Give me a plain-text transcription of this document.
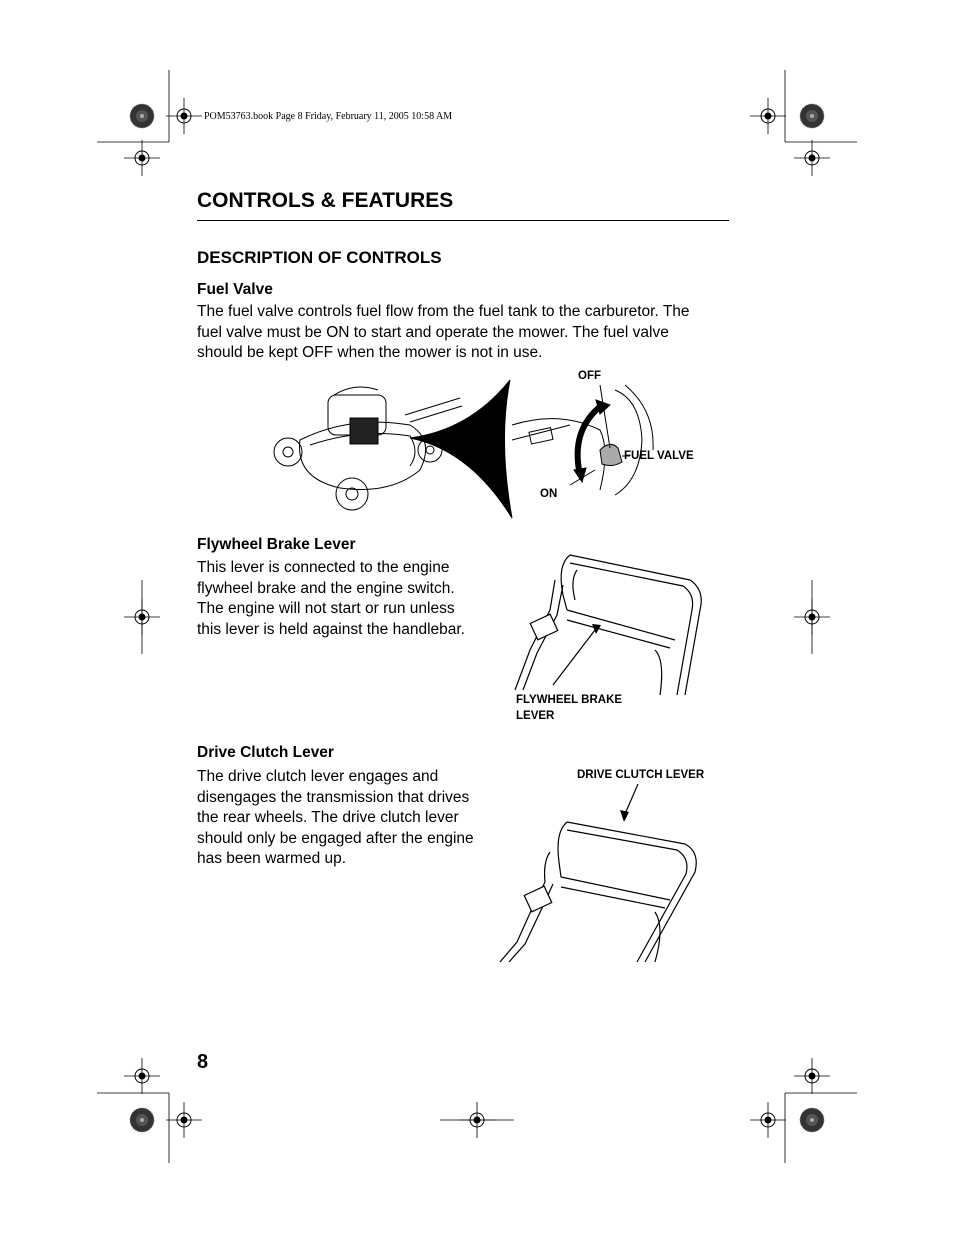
POM53763.book Page 8 Friday, February 11, 2005 10:58 AM
CONTROLS & FEATURES
DESCRIPTION OF CONTROLS
Fuel Valve
The fuel valve controls fuel flow from the fuel tank to the carburetor. The fuel valve must be ON to start and operate the mower. The fuel valve should be kept OFF when the mower is not in use.
OFF
FUEL VALVE
ON
Flywheel Brake Lever
This lever is connected to the engine flywheel brake and the engine switch. The engine will not start or run unless this lever is held against the handlebar.
FLYWHEEL BRAKE
LEVER
Drive Clutch Lever
The drive clutch lever engages and disengages the transmission that drives the rear wheels. The drive clutch lever should only be engaged after the engine has been warmed up.
DRIVE CLUTCH LEVER
8
